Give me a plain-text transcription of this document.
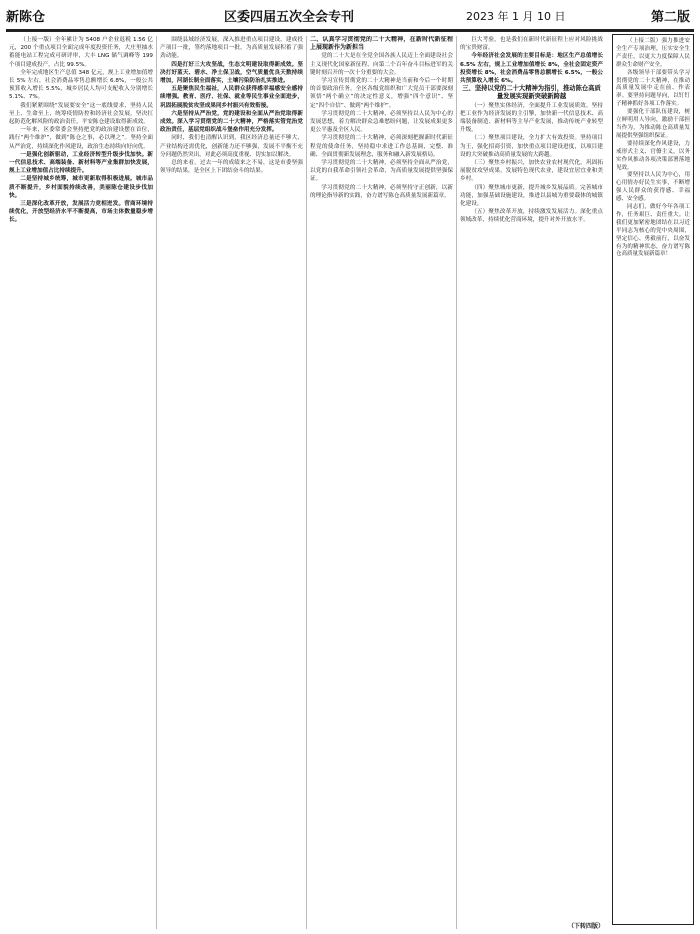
新陈仓	区委四届五次全会专刊	2023 年 1 月 10 日	第二版

（上接一版）全年累计为 5408 户企业退税 1.56 亿元，200 个重点项目全面完成年度投资任务，大庄里抽水蓄能电站工程完成可研评审，大丰 LNG 储气调峰等 199 个项目建成投产，占比 99.5%。

全年完成地区生产总值 348 亿元，规上工业增加值增长 5% 左右，社会消费品零售总额增长 6.8%，一般公共预算收入增长 5.5%，城乡居民人均可支配收入分别增长 5.1%、7%。

我们紧紧围绕“发展要安全”这一底线要求，坚持人民至上、生命至上，统筹疫情防控和经济社会发展，坚决扛起防范化解风险的政治责任，平安陈仓建设取得新成效。

一年来，区委常委会坚持把党的政治建设摆在首位，践行“两个维护”，做到“陈仓之事，必以理之”。坚持全面从严治党，持续深化作风建设，政治生态持续向好向优。

一是强化创新驱动，工业经济转型升级步伐加快。新一代信息技术、高端装备、新材料等产业集群加快发展，规上工业增加值占比持续提升。

二是坚持城乡统筹，城市更新取得积极进展。城市品质不断提升，乡村面貌持续改善，美丽陈仓建设步伐加快。

三是深化改革开放，发展活力竞相迸发。营商环境持续优化，开放型经济水平不断提高，市场主体数量稳步增长。

围绕县域经济发展，深入推进重点项目建设，建成投产项目一批，签约落地项目一批，为高质量发展积蓄了强劲动能。

四是打好三大攻坚战，生态文明建设取得新成效。坚决打好蓝天、碧水、净土保卫战，空气质量优良天数持续增加，河湖长制全面落实，土壤污染防治扎实推进。

五是聚焦民生福祉，人民群众获得感幸福感安全感持续增强。教育、医疗、社保、就业等民生事业全面进步，巩固拓展脱贫攻坚成果同乡村振兴有效衔接。

六是坚持从严治党，党的建设和全面从严治党取得新成效。深入学习贯彻党的二十大精神，严格落实管党治党政治责任，基层党组织战斗堡垒作用充分发挥。

同时，我们也清醒认识到，我区经济总量还不够大，产业结构还需优化，创新能力还不够强，发展不平衡不充分问题仍然突出，对此必须高度重视、切实加以解决。

总的来看，过去一年的成绩来之不易，这是市委坚强领导的结果，是全区上下团结奋斗的结果。

二、认真学习贯彻党的二十大精神，在新时代新征程上展现新作为新担当

党的二十大是在全党全国各族人民迈上全面建设社会主义现代化国家新征程、向第二个百年奋斗目标进军的关键时刻召开的一次十分重要的大会。

学习宣传贯彻党的二十大精神是当前和今后一个时期的首要政治任务。全区各级党组织和广大党员干部要深刻领悟“两个确立”的决定性意义，增强“四个意识”、坚定“四个自信”、做到“两个维护”。

学习贯彻党的二十大精神，必须坚持以人民为中心的发展思想，着力解决群众急难愁盼问题，让发展成果更多更公平惠及全区人民。

学习贯彻党的二十大精神，必须深刻把握新时代新征程党的使命任务，坚持稳中求进工作总基调，完整、准确、全面贯彻新发展理念，服务和融入新发展格局。

学习贯彻党的二十大精神，必须坚持全面从严治党，以党的自我革命引领社会革命，为高质量发展提供坚强保证。

学习贯彻党的二十大精神，必须坚持守正创新，以新的理论指导新的实践，奋力谱写陈仓高质量发展新篇章。

巨大考验，也是我们在新时代新征程上应对风险挑战的宝贵财富。

今年经济社会发展的主要目标是：地区生产总值增长 6.5% 左右，规上工业增加值增长 8%，全社会固定资产投资增长 8%，社会消费品零售总额增长 6.5%，一般公共预算收入增长 6%。

三、坚持以党的二十大精神为指引，推动陈仓高质量发展实现新突破新跨越

（一）聚焦实体经济，全面提升工业发展质效。坚持把工业作为经济发展的主引擎，加快新一代信息技术、高端装备制造、新材料等主导产业发展，推动传统产业转型升级。

（二）聚焦项目建设，全力扩大有效投资。坚持项目为王，强化招商引资，加快重点项目建设进度，以项目建设的大突破推动高质量发展的大跨越。

（三）聚焦乡村振兴，加快农业农村现代化。巩固拓展脱贫攻坚成果，发展特色现代农业，建设宜居宜业和美乡村。

（四）聚焦城市更新，提升城乡发展品质。完善城市功能，加强基础设施建设，推进以县城为重要载体的城镇化建设。

（五）聚焦改革开放，持续激发发展活力。深化重点领域改革，持续优化营商环境，提升对外开放水平。

（下转四版）

（上接二版）强力推进安全生产专项治理，压实安全生产责任，以更大力度保障人民群众生命财产安全。

各级领导干部要带头学习贯彻党的二十大精神，在推动高质量发展中走在前、作表率。要坚持问题导向，以钉钉子精神抓好各项工作落实。

要强化干部队伍建设，树立鲜明用人导向，激励干部担当作为，为推动陈仓高质量发展提供坚强组织保证。

要持续深化作风建设，力戒形式主义、官僚主义，以务实作风推动各项决策部署落地见效。

要坚持以人民为中心，用心用情办好民生实事，不断增强人民群众的获得感、幸福感、安全感。

同志们，做好今年各项工作，任务艰巨、责任重大。让我们更加紧密地团结在以习近平同志为核心的党中央周围，坚定信心、勇毅前行，以奋发有为的精神状态，奋力谱写陈仓高质量发展新篇章！
